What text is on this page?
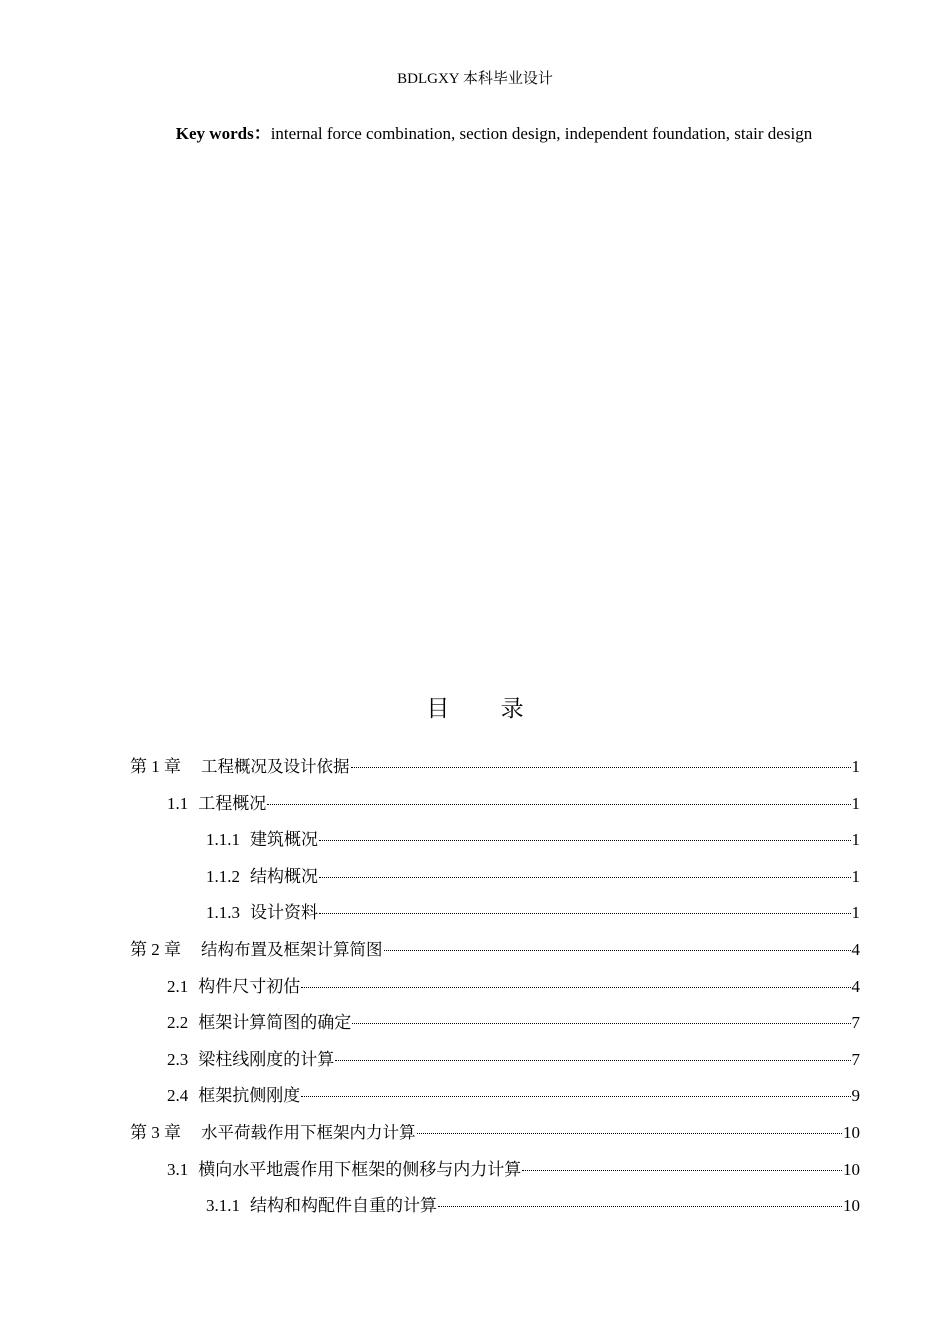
BDLGXY 本科毕业设计
Key words：internal force combination, section design, independent foundation, stair design
目 录
第 1 章 工程概况及设计依据	1
1.1 工程概况	1
1.1.1 建筑概况	1
1.1.2 结构概况	1
1.1.3 设计资料	1
第 2 章 结构布置及框架计算简图	4
2.1 构件尺寸初估	4
2.2 框架计算简图的确定	7
2.3 梁柱线刚度的计算	7
2.4 框架抗侧刚度	9
第 3 章 水平荷载作用下框架内力计算	10
3.1 横向水平地震作用下框架的侧移与内力计算	10
3.1.1 结构和构配件自重的计算	10
